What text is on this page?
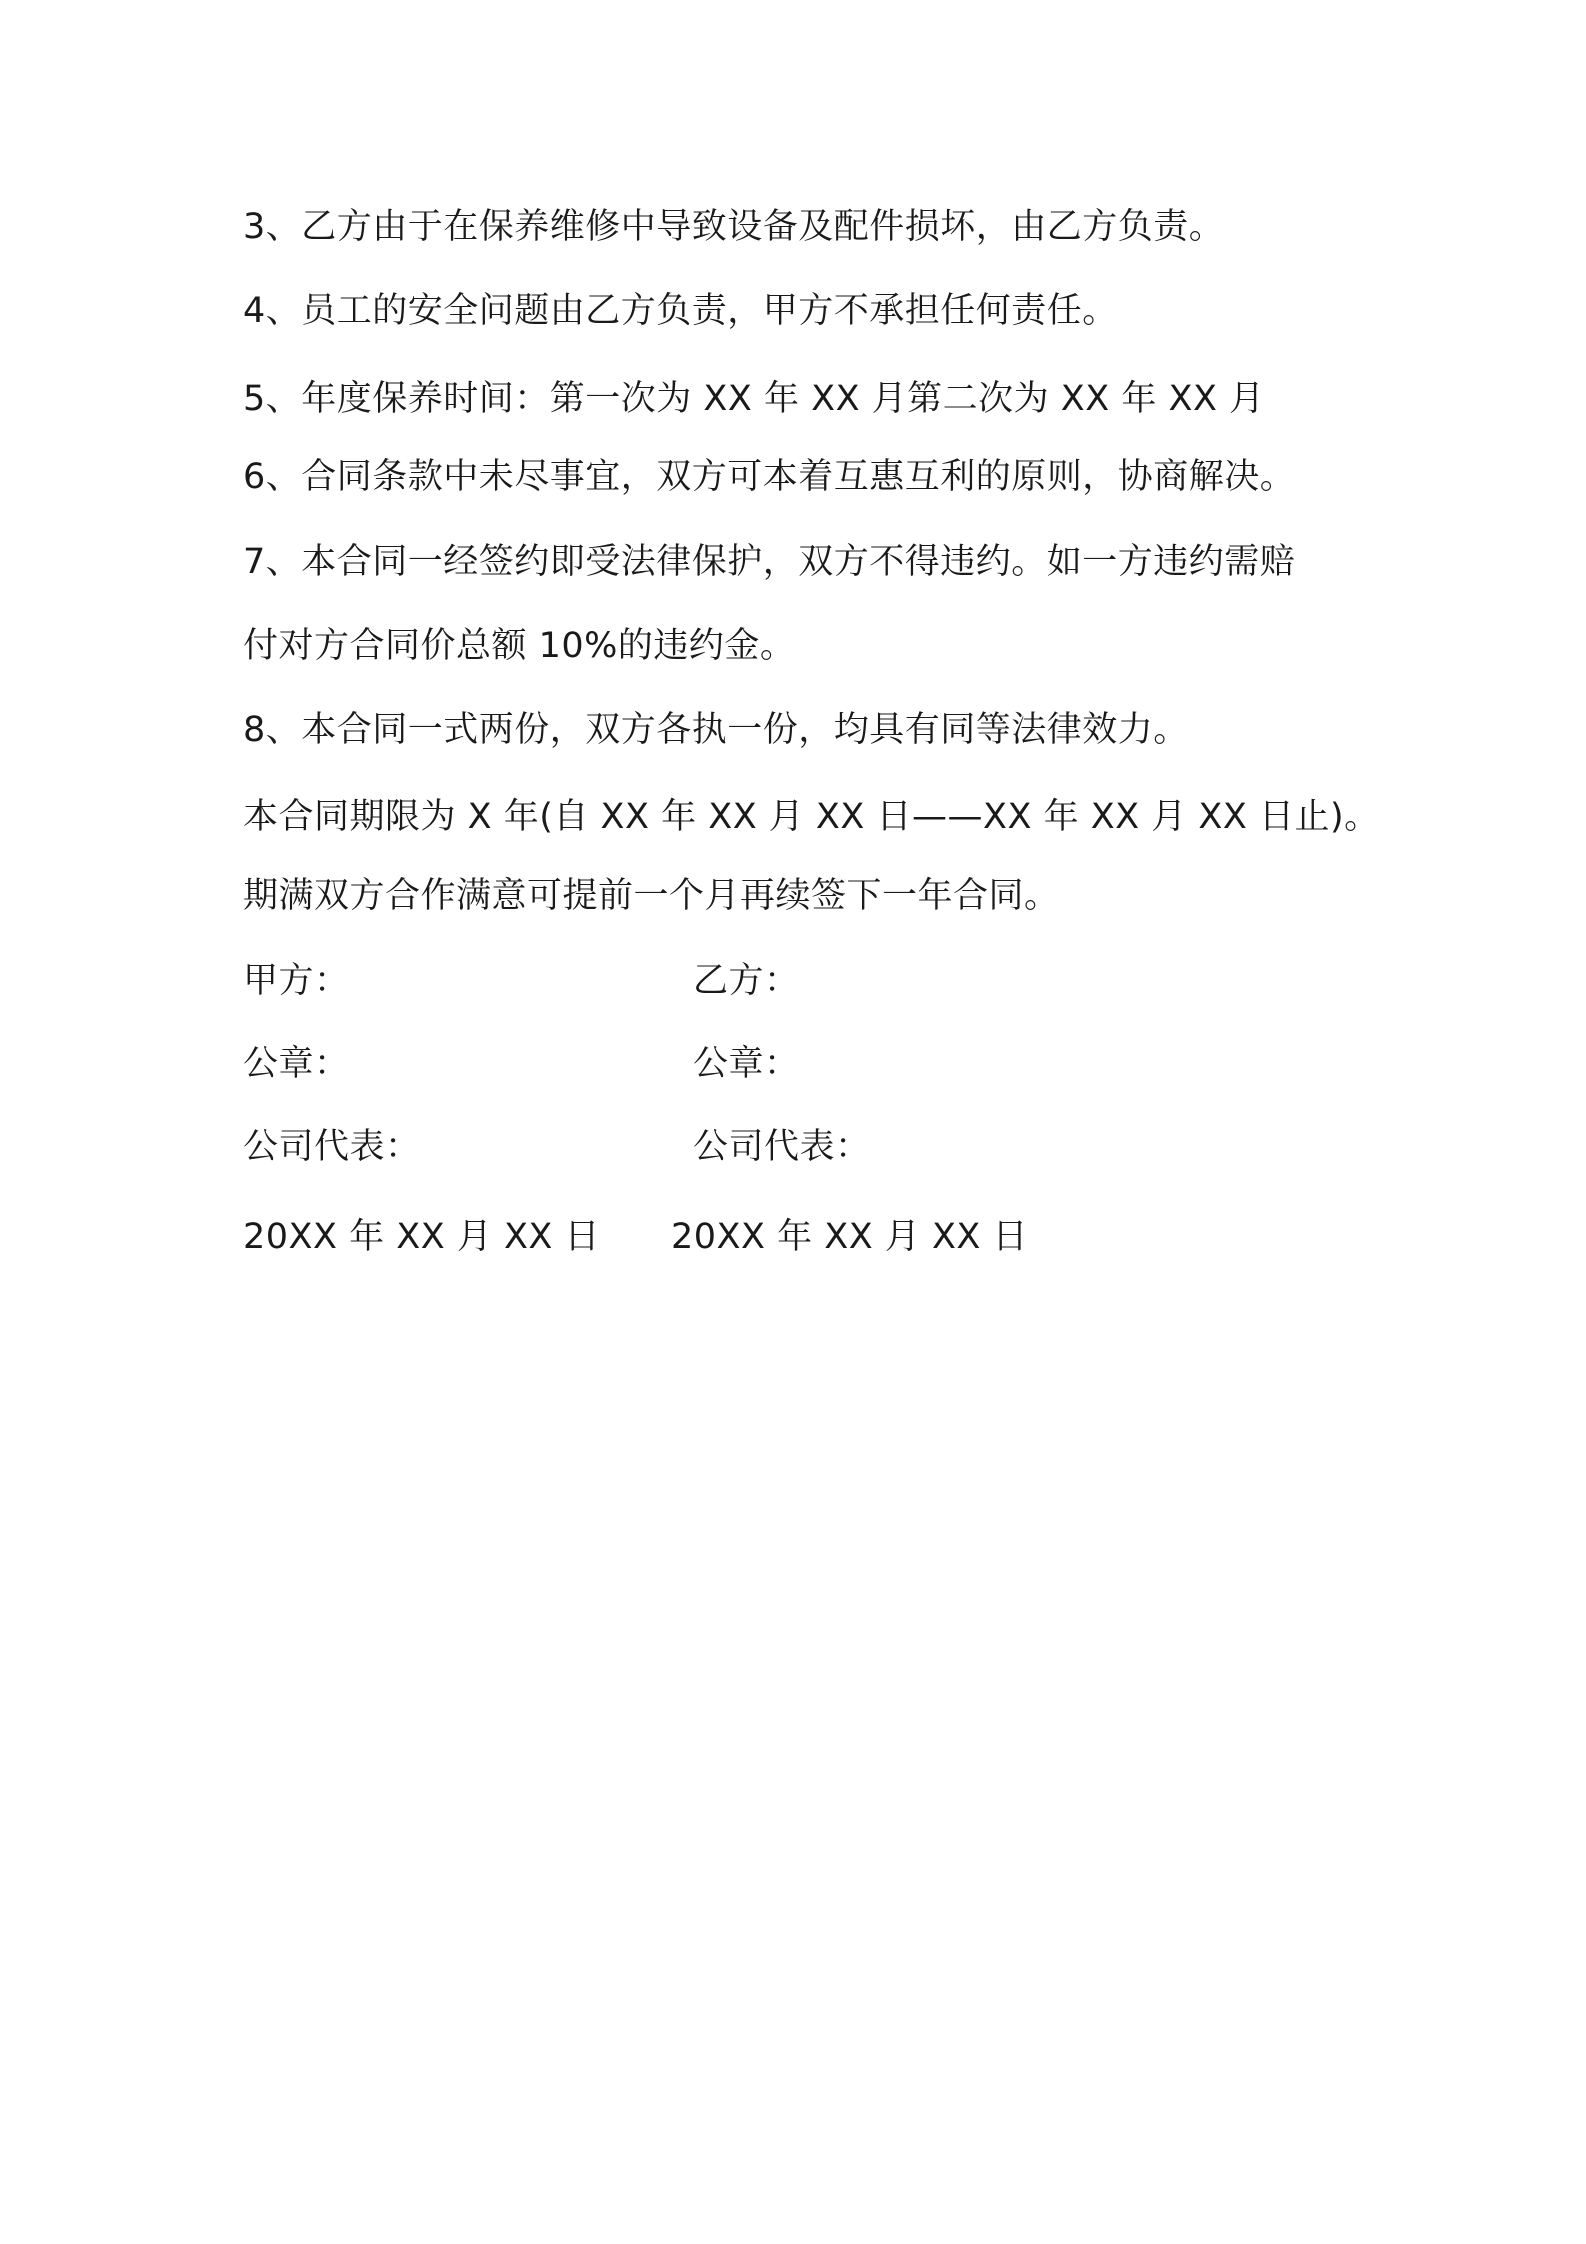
3、乙方由于在保养维修中导致设备及配件损坏，由乙方负责。
4、员工的安全问题由乙方负责，甲方不承担任何责任。
5、年度保养时间：第一次为 XX 年 XX 月第二次为 XX 年 XX 月
6、合同条款中未尽事宜，双方可本着互惠互利的原则，协商解决。
7、本合同一经签约即受法律保护，双方不得违约。如一方违约需赔
付对方合同价总额 10%的违约金。
8、本合同一式两份，双方各执一份，均具有同等法律效力。
本合同期限为 X 年(自 XX 年 XX 月 XX 日——XX 年 XX 月 XX 日止)。
期满双方合作满意可提前一个月再续签下一年合同。
甲方：	乙方：
公章：	公章：
公司代表：	公司代表：
20XX 年 XX 月 XX 日 20XX 年 XX 月 XX 日
